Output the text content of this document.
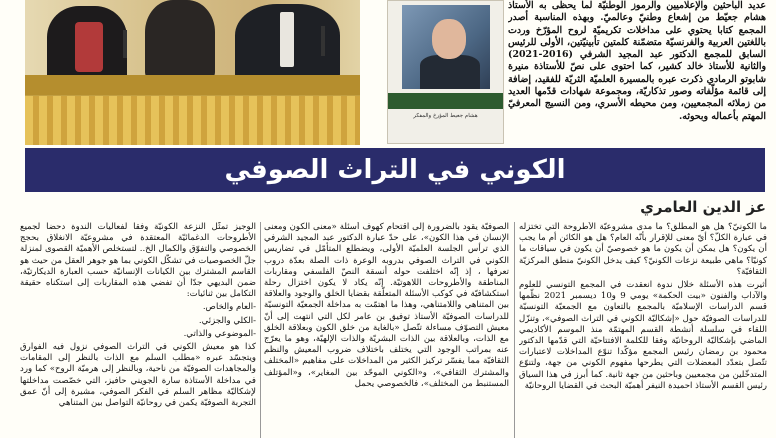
هشام جعيط المؤرخ والمفكر
عديد الباحثين والإعلاميين والرموز الوطنيّة لما يحظى به الأستاذ هشام جعيّط من إشعاع وطنيّ وعالميّ. وبهذه المناسبة أصدر المجمع كتابا يحتوي على مداخلات تكريميّة لروح المؤرّخ وردت باللغتين العربية والفرنسيّة متضمّنة كلمتين تأبينيّتين، الأولى للرئيس السابق للمجمع الدكتور عبد المجيد الشرفي (2016-2021) والثانية للأستاذ خالد كشير، كما احتوى على نصّ للأستاذة منيرة شابوتو الرمادي ذكرت عبره بالمسيرة العلميّة الثريّة للفقيد، إضافة إلى قائمة مؤلّفاته وصور تذكاريّة، ومجموعة شهادات قدّمها العديد من زملائه المجمعيين، ومن محيطه الأسري، ومن النسيج المعرفيّ المهتم بأعماله وبحوثه.
الكوني في التراث الصوفي
عز الدين العامري

ما الكونيّ؟ هل هو المطلق؟ ما مدى مشروعيّة الأطروحة التي تختزله في عبارة الكلّ؟ أيّ معنى للإقرار بأنّه العام؟ هل هو الكائن أم ما يجب أن يكون؟ هل يمكن أن يكون ما هو خصوصيّ أن يكون في سياقات ما كونيّا؟ ماهي طبيعة نزعات الكونيّ؟ كيف يدخل الكونيّ منطق المركزيّة الثقافيّة؟

أثيرت هذه الأسئلة خلال ندوة انعقدت في المجمع التونسي للعلوم والآداب والفنون «بيت الحكمة» يومي 9 و10 ديسمبر 2021 نظّمها قسم الدراسات الإسلاميّة بالمجمع بالتعاون مع الجمعيّة التونسيّة للدراسات الصوفيّة حول «إشكاليّة الكوني في التراث الصوفي»، وتنزّل اللقاء في سلسلة أنشطة القسم المهتمّة منذ الموسم الأكاديمي الماضي بإشكاليّة الروحانيّة وفقا للكلمة الافتتاحيّة التي قدّمها الدكتور محمود بن رمضان رئيس المجمع مؤكّدا تنوّع المداخلات لاعتبارات تتّصل بتعدّد المعضلات التي يطرحها مفهوم الكوني من جهة، ولتنوّع المتدخّلين من مجمعيين وباحثين من جهة ثانية. كما أبرز في هذا السياق رئيس القسم الأستاذ احميدة النيفر أهميّة البحث في القضايا الروحانيّة

الصوفيّة يقود بالضرورة إلى اقتحام كهوف أسئلة «معنى الكون ومعنى الإنسان في هذا الكون»، على حدّ عبارة الدكتور عبد المجيد الشرفي الذي ترأس الجلسة العلميّة الأولى، ويضطلع المتأمّل في تضاريس الكوني في التراث الصوفي بدروبه الوعرة ذات الصلة بعدّة دروب تعرفها ، إذ إنّه اختلفت حوله أنسقة النصّ الفلسفي ومقاربات المناطقة والأطروحات اللاهوتيّة. إنّه يكاد لا يكون اختزال رحلة استكشافيّة في كوكب الأسئلة المتعلّقة بقضايا الخلق والوجود والعلاقة بين المتناهي واللامتناهي، وهذا ما اهتمّت به مداخلة الجمعيّة التونسيّة للدراسات الصوفيّة الأستاذ توفيق بن عامر لكل التي انتهت إلى أنّ معيش التصوّف مساءلة تتّصل «بالغاية من خلق الكون وبعلاقة الخلق مع الذات، وبالعلاقة بين الذات البشريّة والذات الإلهيّة، وهو ما يعرّج عنه بمراتب الوجود التي يختلف باختلاف ضروب المعيش والنظم الثقافيّة مما يفسّر تركيز الكثير من المداخلات على مفاهيم «المختلف والمشترك الثقافي»، و«الكوني الموحّد بين المغاير»، و«المؤتلف المستنبط من المختلف»، فالخصوصي يحمل

الوجيز تمثّل النزعة الكونيّة وفقا لفعاليات الندوة دحضا لجميع الأطروحات الدغمائيّة المعتقدة في مشروعيّة الانغلاق بحجج الخصوصي والتفوّق والكمال الخ.. لتستخلص الأهميّة القصوى لمنزلة جلّ الخصوصيات في تشكّل الكوني بما هو جوهر العقل من حيث هو القاسم المشترك بين الكيانات الإنسانيّة حسب العبارة الديكارتيّة، ضمن البديهي جدّا أن تفضي هذه المقاربات إلى استكناه حقيقة التكامل بين ثنائيات:

-العام والخاص.

-الكلي والجزئي.

-الموضوعي والذاتي.

كذا هو معيش الكوني في التراث الصوفي نزول فيه الفوارق ويتجسّد عبره «مطلب السلم مع الذات بالنظر إلى المقامات والمجاهدات الصوفيّة من ناحية، وبالنظر إلى هرميّة الروح» كما ورد في مداخلة الأستاذة سارة الجويني حافيز، التي خصّصت مداخلتها لإشكاليّة مظاهر السلم في الفكر الصوفي، مشيرة إلى أنّ عمق التجربة الصوفيّة يكمن في روحانيّة التواصل بين المتناهي
